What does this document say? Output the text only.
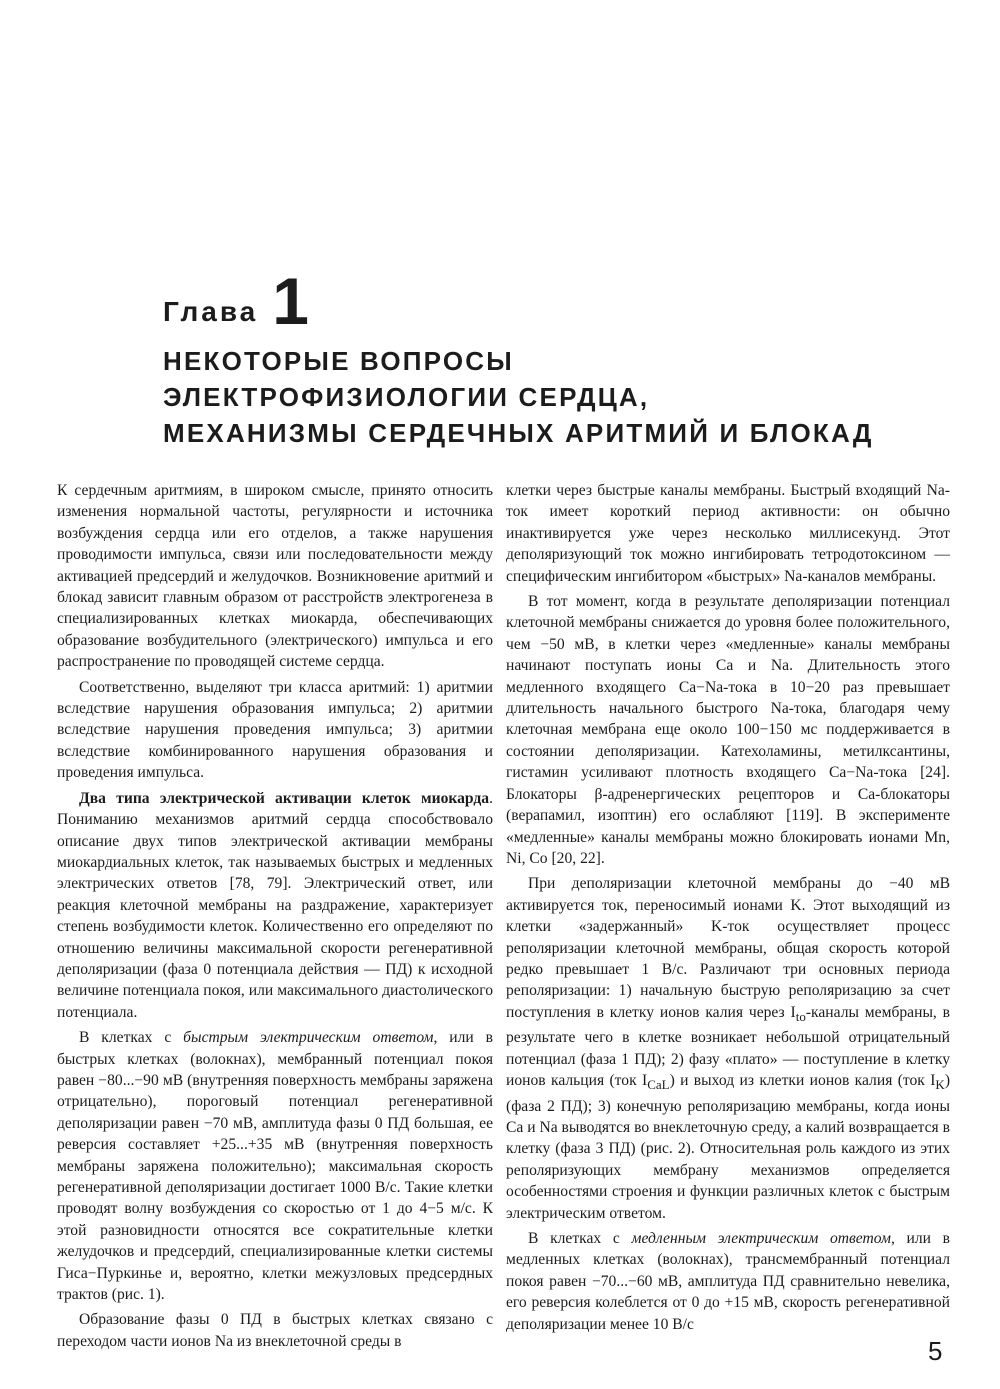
Глава 1
НЕКОТОРЫЕ ВОПРОСЫ
ЭЛЕКТРОФИЗИОЛОГИИ СЕРДЦА,
МЕХАНИЗМЫ СЕРДЕЧНЫХ АРИТМИЙ И БЛОКАД

К сердечным аритмиям, в широком смысле, принято относить изменения нормальной частоты, регулярности и источника возбуждения сердца или его отделов, а также нарушения проводимости импульса, связи или последовательности между активацией предсердий и желудочков. Возникновение аритмий и блокад зависит главным образом от расстройств электрогенеза в специализированных клетках миокарда, обеспечивающих образование возбудительного (электрического) импульса и его распространение по проводящей системе сердца.

Соответственно, выделяют три класса аритмий: 1) аритмии вследствие нарушения образования импульса; 2) аритмии вследствие нарушения проведения импульса; 3) аритмии вследствие комбинированного нарушения образования и проведения импульса.

Два типа электрической активации клеток миокарда. Пониманию механизмов аритмий сердца способствовало описание двух типов электрической активации мембраны миокардиальных клеток, так называемых быстрых и медленных электрических ответов [78, 79]. Электрический ответ, или реакция клеточной мембраны на раздражение, характеризует степень возбудимости клеток. Количественно его определяют по отношению величины максимальной скорости регенеративной деполяризации (фаза 0 потенциала действия — ПД) к исходной величине потенциала покоя, или максимального диастолического потенциала.

В клетках с быстрым электрическим ответом, или в быстрых клетках (волокнах), мембранный потенциал покоя равен −80...−90 мВ (внутренняя поверхность мембраны заряжена отрицательно), пороговый потенциал регенеративной деполяризации равен −70 мВ, амплитуда фазы 0 ПД большая, ее реверсия составляет +25...+35 мВ (внутренняя поверхность мембраны заряжена положительно); максимальная скорость регенеративной деполяризации достигает 1000 В/с. Такие клетки проводят волну возбуждения со скоростью от 1 до 4−5 м/с. К этой разновидности относятся все сократительные клетки желудочков и предсердий, специализированные клетки системы Гиса−Пуркинье и, вероятно, клетки межузловых предсердных трактов (рис. 1).

Образование фазы 0 ПД в быстрых клетках связано с переходом части ионов Na из внеклеточной среды в

клетки через быстрые каналы мембраны. Быстрый входящий Na-ток имеет короткий период активности: он обычно инактивируется уже через несколько миллисекунд. Этот деполяризующий ток можно ингибировать тетродотоксином — специфическим ингибитором «быстрых» Na-каналов мембраны.

В тот момент, когда в результате деполяризации потенциал клеточной мембраны снижается до уровня более положительного, чем −50 мВ, в клетки через «медленные» каналы мембраны начинают поступать ионы Ca и Na. Длительность этого медленного входящего Ca−Na-тока в 10−20 раз превышает длительность начального быстрого Na-тока, благодаря чему клеточная мембрана еще около 100−150 мс поддерживается в состоянии деполяризации. Катехоламины, метилксантины, гистамин усиливают плотность входящего Ca−Na-тока [24]. Блокаторы β-адренергических рецепторов и Ca-блокаторы (верапамил, изоптин) его ослабляют [119]. В эксперименте «медленные» каналы мембраны можно блокировать ионами Mn, Ni, Co [20, 22].

При деполяризации клеточной мембраны до −40 мВ активируется ток, переносимый ионами K. Этот выходящий из клетки «задержанный» K-ток осуществляет процесс реполяризации клеточной мембраны, общая скорость которой редко превышает 1 В/с. Различают три основных периода реполяризации: 1) начальную быструю реполяризацию за счет поступления в клетку ионов калия через $I_{to}$-каналы мембраны, в результате чего в клетке возникает небольшой отрицательный потенциал (фаза 1 ПД); 2) фазу «плато» — поступление в клетку ионов кальция (ток $I_{CaL}$) и выход из клетки ионов калия (ток $I_K$) (фаза 2 ПД); 3) конечную реполяризацию мембраны, когда ионы Ca и Na выводятся во внеклеточную среду, а калий возвращается в клетку (фаза 3 ПД) (рис. 2). Относительная роль каждого из этих реполяризующих мембрану механизмов определяется особенностями строения и функции различных клеток с быстрым электрическим ответом.

В клетках с медленным электрическим ответом, или в медленных клетках (волокнах), трансмембранный потенциал покоя равен −70...−60 мВ, амплитуда ПД сравнительно невелика, его реверсия колеблется от 0 до +15 мВ, скорость регенеративной деполяризации менее 10 В/с

5
